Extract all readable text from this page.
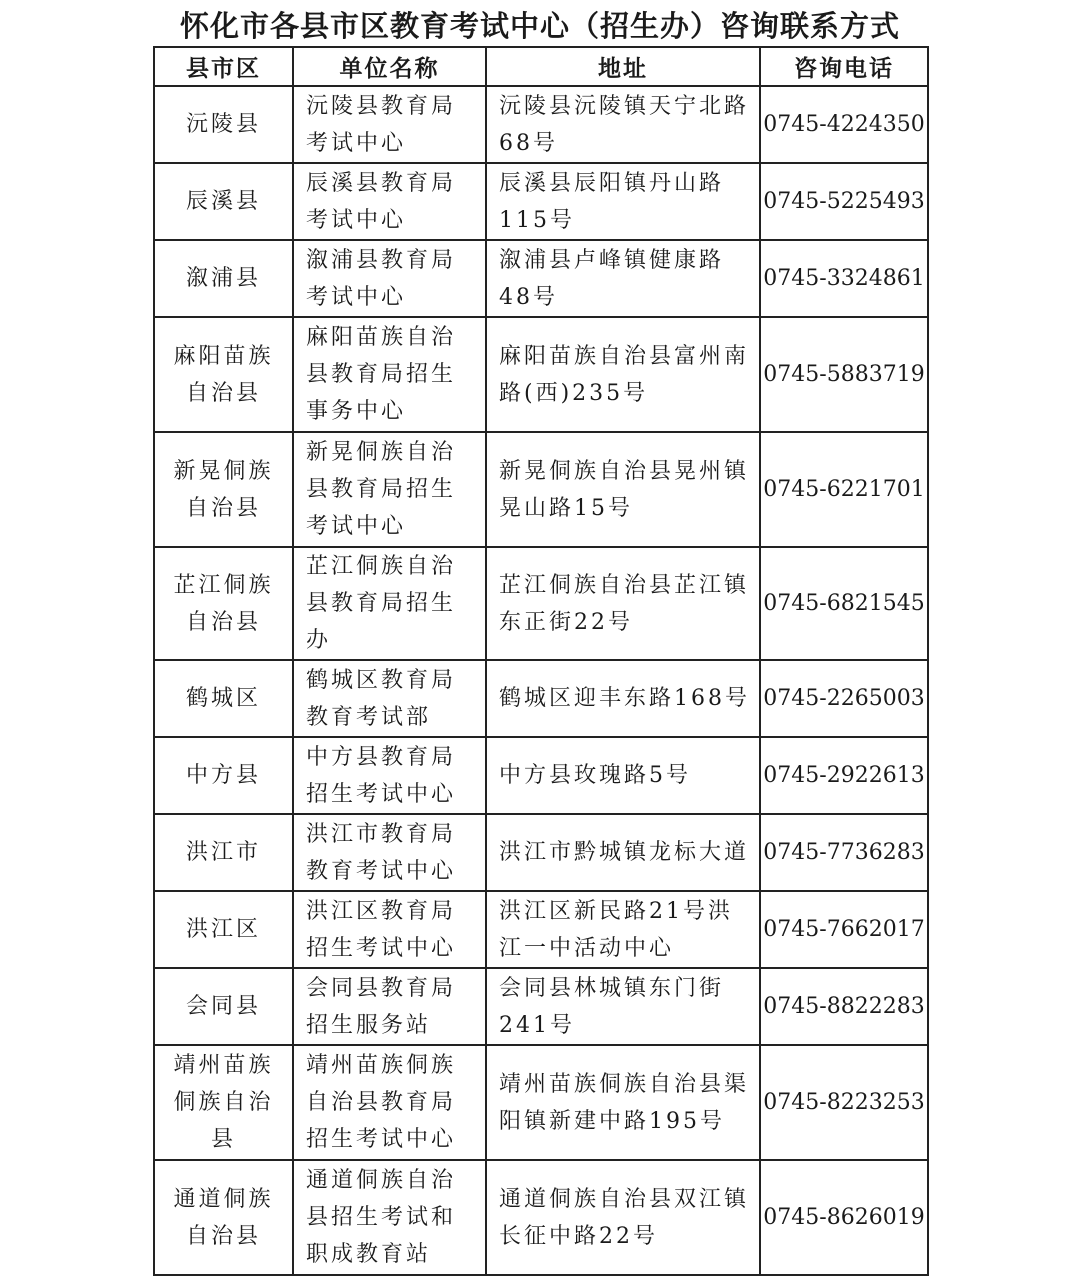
怀化市各县市区教育考试中心（招生办）咨询联系方式
县市区	单位名称	地址	咨询电话
沅陵县	沅陵县教育局考试中心	沅陵县沅陵镇天宁北路68号	0745-4224350
辰溪县	辰溪县教育局考试中心	辰溪县辰阳镇丹山路115号	0745-5225493
溆浦县	溆浦县教育局考试中心	溆浦县卢峰镇健康路48号	0745-3324861
麻阳苗族自治县	麻阳苗族自治县教育局招生事务中心	麻阳苗族自治县富州南路(西)235号	0745-5883719
新晃侗族自治县	新晃侗族自治县教育局招生考试中心	新晃侗族自治县晃州镇晃山路15号	0745-6221701
芷江侗族自治县	芷江侗族自治县教育局招生办	芷江侗族自治县芷江镇东正街22号	0745-6821545
鹤城区	鹤城区教育局教育考试部	鹤城区迎丰东路168号	0745-2265003
中方县	中方县教育局招生考试中心	中方县玫瑰路5号	0745-2922613
洪江市	洪江市教育局教育考试中心	洪江市黔城镇龙标大道	0745-7736283
洪江区	洪江区教育局招生考试中心	洪江区新民路21号洪江一中活动中心	0745-7662017
会同县	会同县教育局招生服务站	会同县林城镇东门街241号	0745-8822283
靖州苗族侗族自治县	靖州苗族侗族自治县教育局招生考试中心	靖州苗族侗族自治县渠阳镇新建中路195号	0745-8223253
通道侗族自治县	通道侗族自治县招生考试和职成教育站	通道侗族自治县双江镇长征中路22号	0745-8626019
